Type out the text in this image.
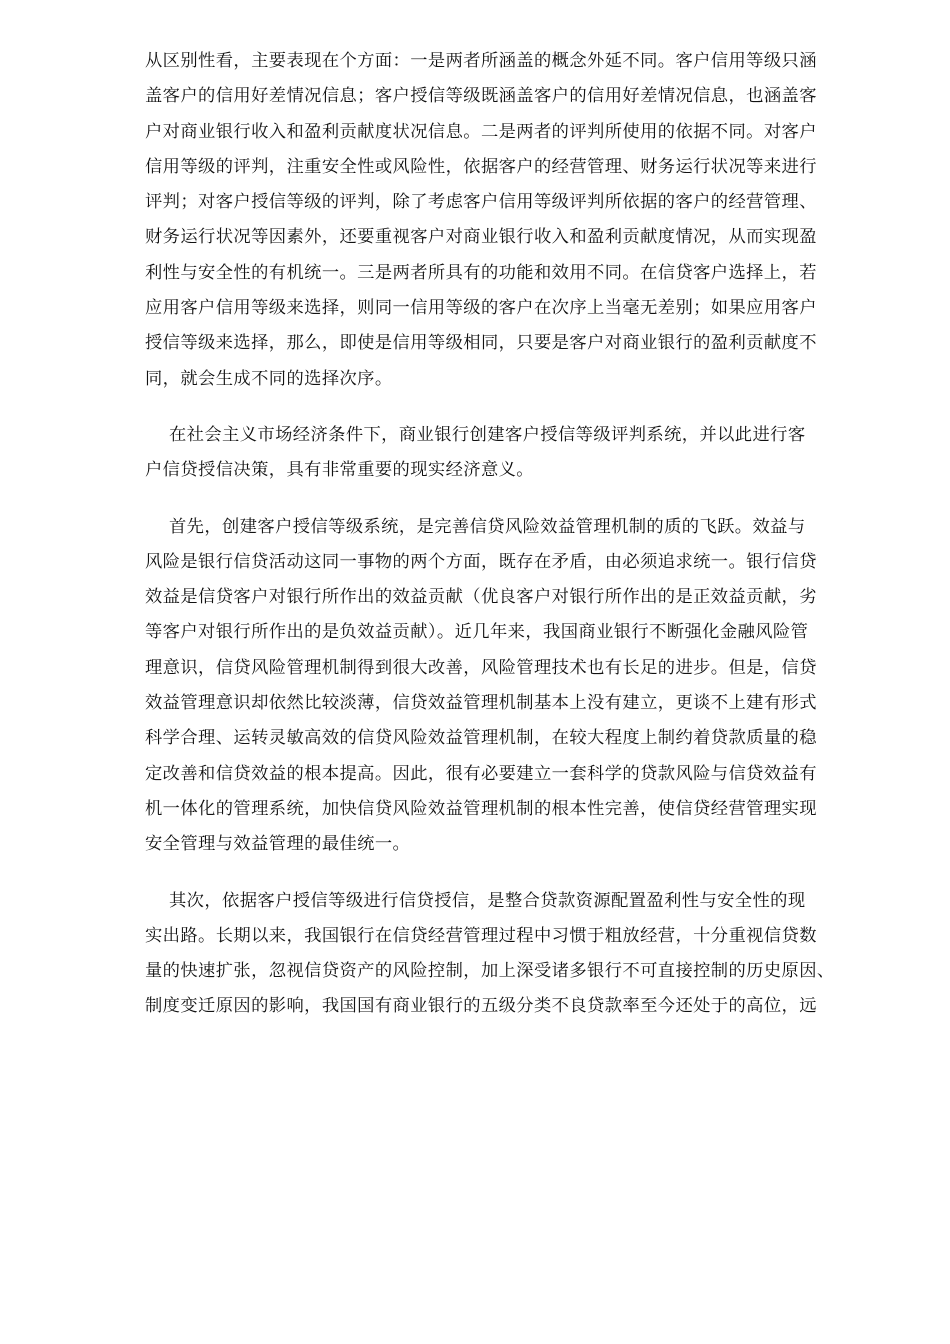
从区别性看，主要表现在个方面：一是两者所涵盖的概念外延不同。客户信用等级只涵
盖客户的信用好差情况信息；客户授信等级既涵盖客户的信用好差情况信息，也涵盖客
户对商业银行收入和盈利贡献度状况信息。二是两者的评判所使用的依据不同。对客户
信用等级的评判，注重安全性或风险性，依据客户的经营管理、财务运行状况等来进行
评判；对客户授信等级的评判，除了考虑客户信用等级评判所依据的客户的经营管理、
财务运行状况等因素外，还要重视客户对商业银行收入和盈利贡献度情况，从而实现盈
利性与安全性的有机统一。三是两者所具有的功能和效用不同。在信贷客户选择上，若
应用客户信用等级来选择，则同一信用等级的客户在次序上当毫无差别；如果应用客户
授信等级来选择，那么，即使是信用等级相同，只要是客户对商业银行的盈利贡献度不
同，就会生成不同的选择次序。
在社会主义市场经济条件下，商业银行创建客户授信等级评判系统，并以此进行客
户信贷授信决策，具有非常重要的现实经济意义。
首先，创建客户授信等级系统，是完善信贷风险效益管理机制的质的飞跃。效益与
风险是银行信贷活动这同一事物的两个方面，既存在矛盾，由必须追求统一。银行信贷
效益是信贷客户对银行所作出的效益贡献（优良客户对银行所作出的是正效益贡献，劣
等客户对银行所作出的是负效益贡献）。近几年来，我国商业银行不断强化金融风险管
理意识，信贷风险管理机制得到很大改善，风险管理技术也有长足的进步。但是，信贷
效益管理意识却依然比较淡薄，信贷效益管理机制基本上没有建立，更谈不上建有形式
科学合理、运转灵敏高效的信贷风险效益管理机制，在较大程度上制约着贷款质量的稳
定改善和信贷效益的根本提高。因此，很有必要建立一套科学的贷款风险与信贷效益有
机一体化的管理系统，加快信贷风险效益管理机制的根本性完善，使信贷经营管理实现
安全管理与效益管理的最佳统一。
其次，依据客户授信等级进行信贷授信，是整合贷款资源配置盈利性与安全性的现
实出路。长期以来，我国银行在信贷经营管理过程中习惯于粗放经营，十分重视信贷数
量的快速扩张，忽视信贷资产的风险控制，加上深受诸多银行不可直接控制的历史原因、
制度变迁原因的影响，我国国有商业银行的五级分类不良贷款率至今还处于的高位，远
